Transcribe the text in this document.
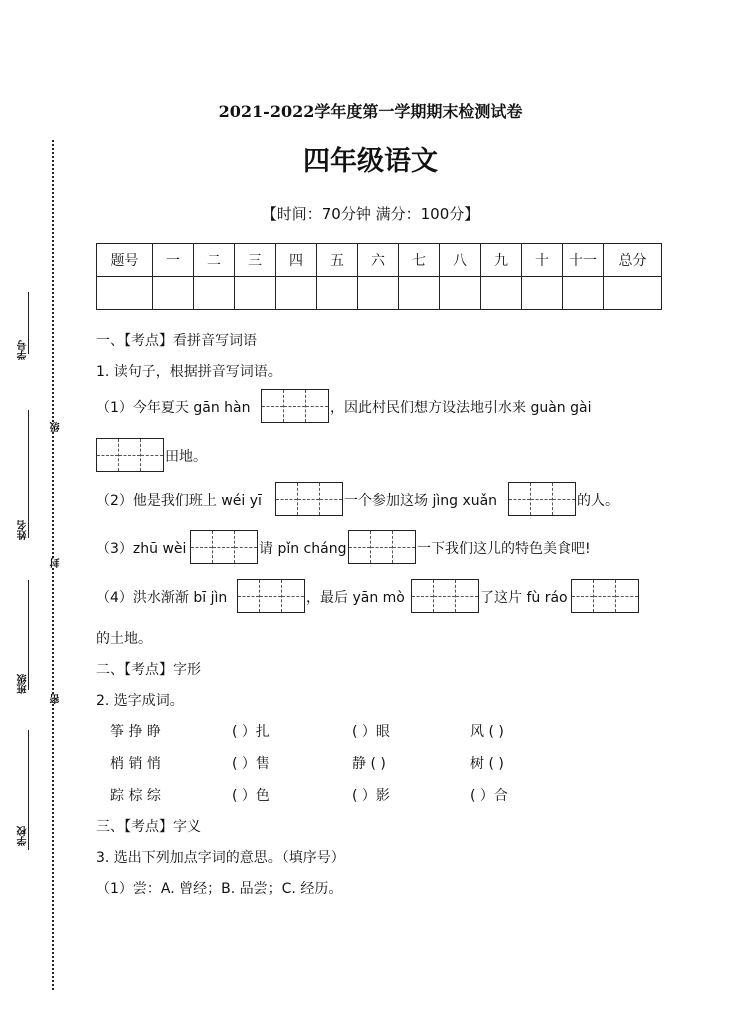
学号
姓名
班级
学校
级
封
密
2021-2022学年度第一学期期末检测试卷
四年级语文
【时间：70分钟 满分：100分】
题号	一	二	三	四	五	六	七	八	九	十	十一	总分

一、【考点】看拼音写词语
1. 读句子，根据拼音写词语。
（1）今年夏天 gān hàn	，因此村民们想方设法地引水来 guàn gài
田地。
（2）他是我们班上 wéi yī	一个参加这场 jìng xuǎn	的人。
（3）zhū wèi	请 pǐn cháng	一下我们这儿的特色美食吧!
（4）洪水渐渐 bī jìn	，最后 yān mò	了这片 fù ráo
的土地。
二、【考点】字形
2. 选字成词。
筝 挣 睁	( ）扎	( ）眼	风 ( )
梢 销 悄	( ）售	静 ( )	树 ( )
踪 棕 综	( ）色	( ）影	( ）合
三、【考点】字义
3. 选出下列加点字词的意思。（填序号）
（1）尝：A. 曾经；B. 品尝；C. 经历。
